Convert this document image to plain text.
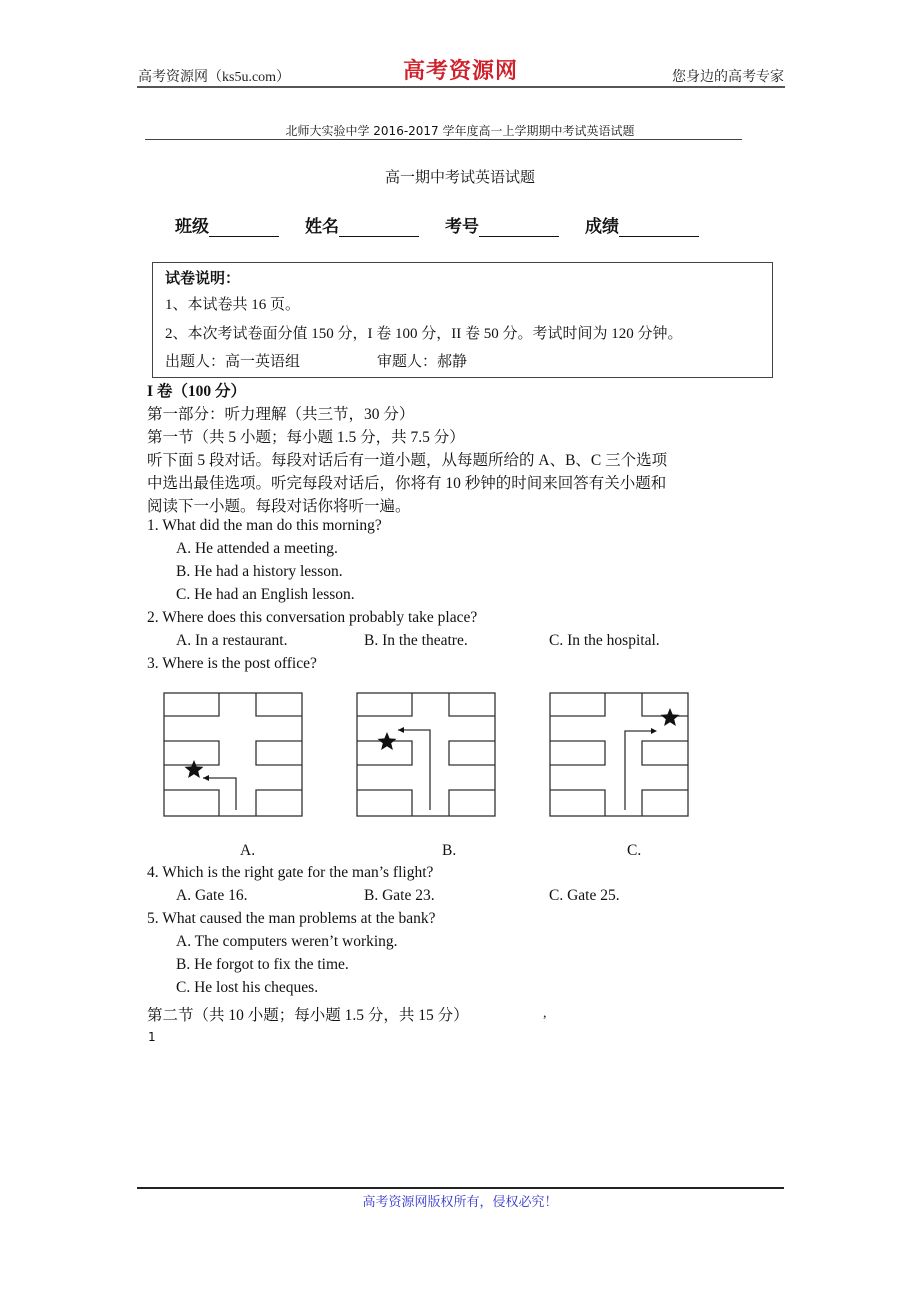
高考资源网（ks5u.com）	高考资源网	您身边的高考专家
北师大实验中学 2016-2017 学年度高一上学期期中考试英语试题
高一期中考试英语试题
班级	姓名	考号	成绩
试卷说明：
1、本试卷共 16 页。
2、本次考试卷面分值 150 分，I 卷 100 分，II 卷 50 分。考试时间为 120 分钟。
出题人：高一英语组	审题人：郝静
I 卷（100 分）
第一部分：听力理解（共三节，30 分）
第一节（共 5 小题；每小题 1.5 分，共 7.5 分）
听下面 5 段对话。每段对话后有一道小题，从每题所给的 A、B、C 三个选项
中选出最佳选项。听完每段对话后，你将有 10 秒钟的时间来回答有关小题和
阅读下一小题。每段对话你将听一遍。
1. What did the man do this morning?
A. He attended a meeting.
B. He had a history lesson.
C. He had an English lesson.
2. Where does this conversation probably take place?
A. In a restaurant.	B. In the theatre.	C. In the hospital.
3. Where is the post office?
A.	B.	C.
4. Which is the right gate for the man’s flight?
A. Gate 16.	B. Gate 23.	C. Gate 25.
5. What caused the man problems at the bank?
A. The computers weren’t working.
B. He forgot to fix the time.
C. He lost his cheques.
第二节（共 10 小题；每小题 1.5 分，共 15 分）	,
1
高考资源网版权所有，侵权必究！
